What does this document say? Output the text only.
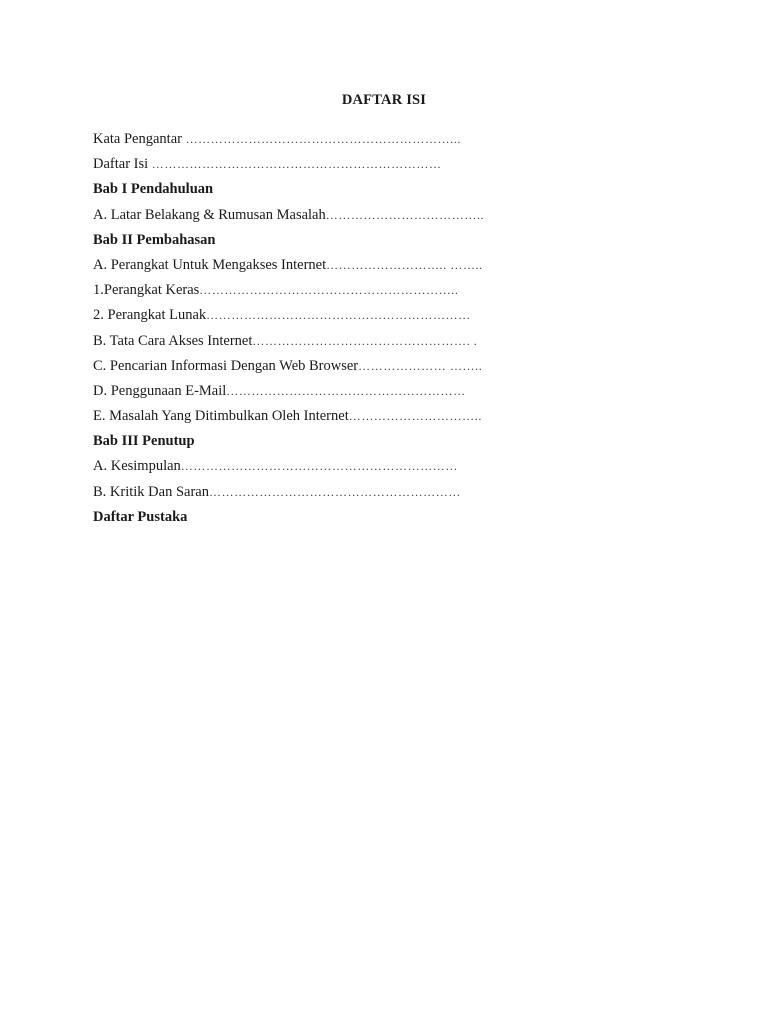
DAFTAR ISI
Kata Pengantar ………………………………………………………...
Daftar Isi ……………………………………………………………
Bab I Pendahuluan
A. Latar Belakang & Rumusan Masalah………………………………..
Bab II Pembahasan
A. Perangkat Untuk Mengakses Internet……………………….. ……..
1.Perangkat Keras……………………………………………………..
2. Perangkat Lunak………………………………………………………
B. Tata Cara Akses Internet……………………………………………. .
C. Pencarian Informasi Dengan Web Browser………………… ……..
D. Penggunaan E-Mail…………………………………………………
E. Masalah Yang Ditimbulkan Oleh Internet…………………………..
Bab III Penutup
A. Kesimpulan…………………………………………………………
B. Kritik Dan Saran……………………………………………………
Daftar Pustaka
